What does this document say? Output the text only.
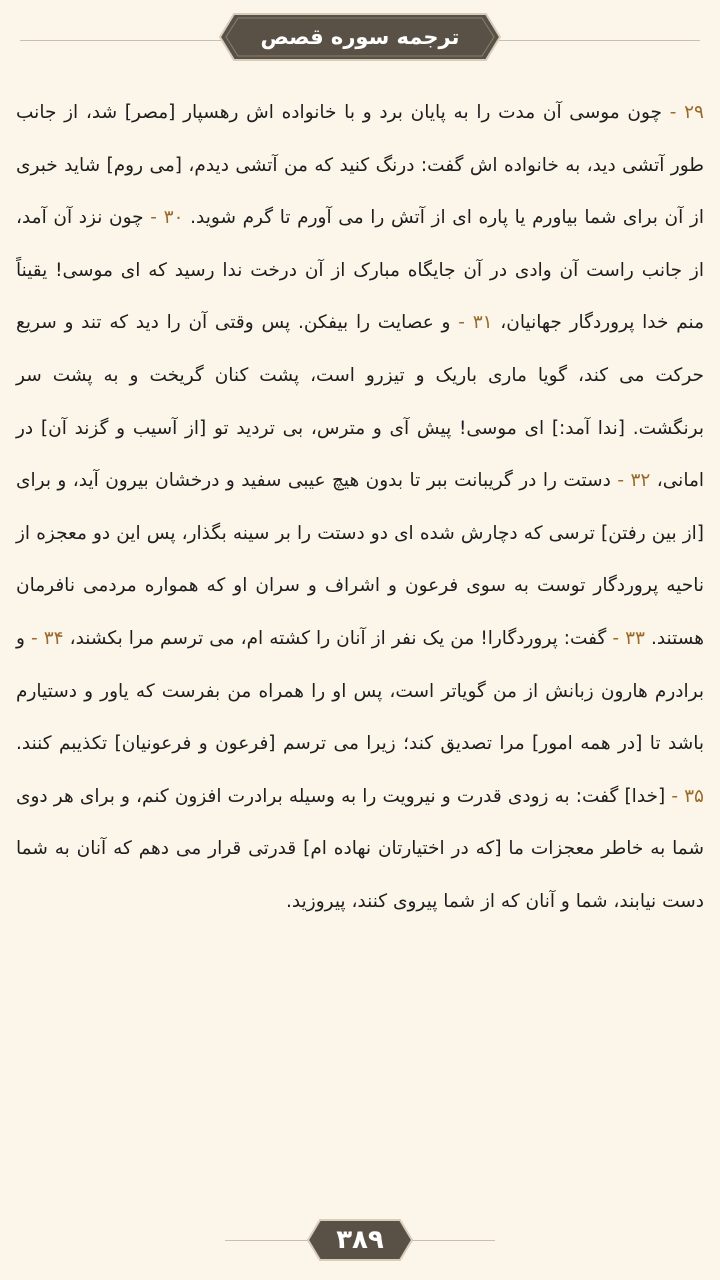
ترجمه سوره قصص
۲۹ - چون موسی آن مدت را به پایان برد و با خانواده اش رهسپار [مصر] شد، از جانب طور آتشی دید، به خانواده اش گفت: درنگ کنید که من آتشی دیدم، [می روم] شاید خبری از آن برای شما بیاورم یا پاره ای از آتش را می آورم تا گرم شوید. ۳۰ - چون نزد آن آمد، از جانب راست آن وادی در آن جایگاه مبارک از آن درخت ندا رسید که ای موسی! یقیناً منم خدا پروردگار جهانیان، ۳۱ - و عصایت را بیفکن. پس وقتی آن را دید که تند و سریع حرکت می کند، گویا ماری باریک و تیزرو است، پشت کنان گریخت و به پشت سر برنگشت. [ندا آمد:] ای موسی! پیش آی و مترس، بی تردید تو [از آسیب و گزند آن] در امانی، ۳۲ - دستت را در گریبانت ببر تا بدون هیچ عیبی سفید و درخشان بیرون آید، و برای [از بین رفتن] ترسی که دچارش شده ای دو دستت را بر سینه بگذار، پس این دو معجزه از ناحیه پروردگار توست به سوی فرعون و اشراف و سران او که همواره مردمی نافرمان هستند. ۳۳ - گفت: پروردگارا! من یک نفر از آنان را کشته ام، می ترسم مرا بکشند، ۳۴ - و برادرم هارون زبانش از من گویاتر است، پس او را همراه من بفرست که یاور و دستیارم باشد تا [در همه امور] مرا تصدیق کند؛ زیرا می ترسم [فرعون و فرعونیان] تکذیبم کنند. ۳۵ - [خدا] گفت: به زودی قدرت و نیرویت را به وسیله برادرت افزون کنم، و برای هر دوی شما به خاطر معجزات ما [که در اختیارتان نهاده ام] قدرتی قرار می دهم که آنان به شما دست نیابند، شما و آنان که از شما پیروی کنند، پیروزید.
۳۸۹
